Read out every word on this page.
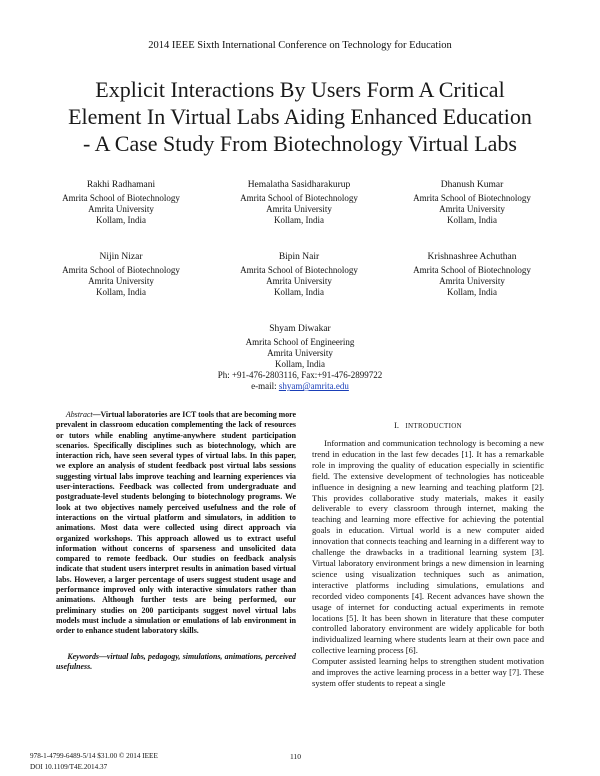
2014 IEEE Sixth International Conference on Technology for Education
Explicit Interactions By Users Form A Critical
Element In Virtual Labs Aiding Enhanced Education
- A Case Study From Biotechnology Virtual Labs
Rakhi Radhamani
Amrita School of Biotechnology
Amrita University
Kollam, India
Hemalatha Sasidharakurup
Amrita School of Biotechnology
Amrita University
Kollam, India
Dhanush Kumar
Amrita School of Biotechnology
Amrita University
Kollam, India
Nijin Nizar
Amrita School of Biotechnology
Amrita University
Kollam, India
Bipin Nair
Amrita School of Biotechnology
Amrita University
Kollam, India
Krishnashree Achuthan
Amrita School of Biotechnology
Amrita University
Kollam, India
Shyam Diwakar
Amrita School of Engineering
Amrita University
Kollam, India
Ph: +91-476-2803116, Fax:+91-476-2899722
e-mail: shyam@amrita.edu
Abstract—Virtual laboratories are ICT tools that are becoming more prevalent in classroom education complementing the lack of resources or tutors while enabling anytime-anywhere student participation scenarios. Specifically disciplines such as biotechnology, which are interaction rich, have seen several types of virtual labs. In this paper, we explore an analysis of student feedback post virtual labs sessions suggesting virtual labs improve teaching and learning experiences via user-interactions. Feedback was collected from undergraduate and postgraduate-level students belonging to biotechnology programs. We look at two objectives namely perceived usefulness and the role of interactions on the virtual platform and simulators, in addition to animations. Most data were collected using direct approach via organized workshops. This approach allowed us to extract useful information without concerns of sparseness and unsolicited data compared to remote feedback. Our studies on feedback analysis indicate that student users interpret results in animation based virtual labs. However, a larger percentage of users suggest student usage and performance improved only with interactive simulators rather than animations. Although further tests are being performed, our preliminary studies on 200 participants suggest novel virtual labs models must include a simulation or emulations of lab environment in order to enhance student laboratory skills.
Keywords—virtual labs, pedagogy, simulations, animations, perceived usefulness.
I. INTRODUCTION

Information and communication technology is becoming a new trend in education in the last few decades [1]. It has a remarkable role in improving the quality of education especially in scientific field. The extensive development of technologies has noticeable influence in designing a new learning and teaching platform [2]. This provides collaborative study materials, makes it easily deliverable to every classroom through internet, making the teaching and learning more effective for achieving the potential goals in education. Virtual world is a new computer aided innovation that connects teaching and learning in a different way to challenge the drawbacks in a traditional learning system [3]. Virtual laboratory environment brings a new dimension in learning science using visualization techniques such as animation, interactive platforms including simulations, emulations and recorded video components [4]. Recent advances have shown the usage of internet for conducting actual experiments in remote locations [5]. It has been shown in literature that these computer controlled laboratory environment are widely applicable for both individualized learning where students learn at their own pace and collective learning process [6].

Computer assisted learning helps to strengthen student motivation and improves the active learning process in a better way [7]. These system offer students to repeat a single

978-1-4799-6489-5/14 $31.00 © 2014 IEEE
DOI 10.1109/T4E.2014.37
110
